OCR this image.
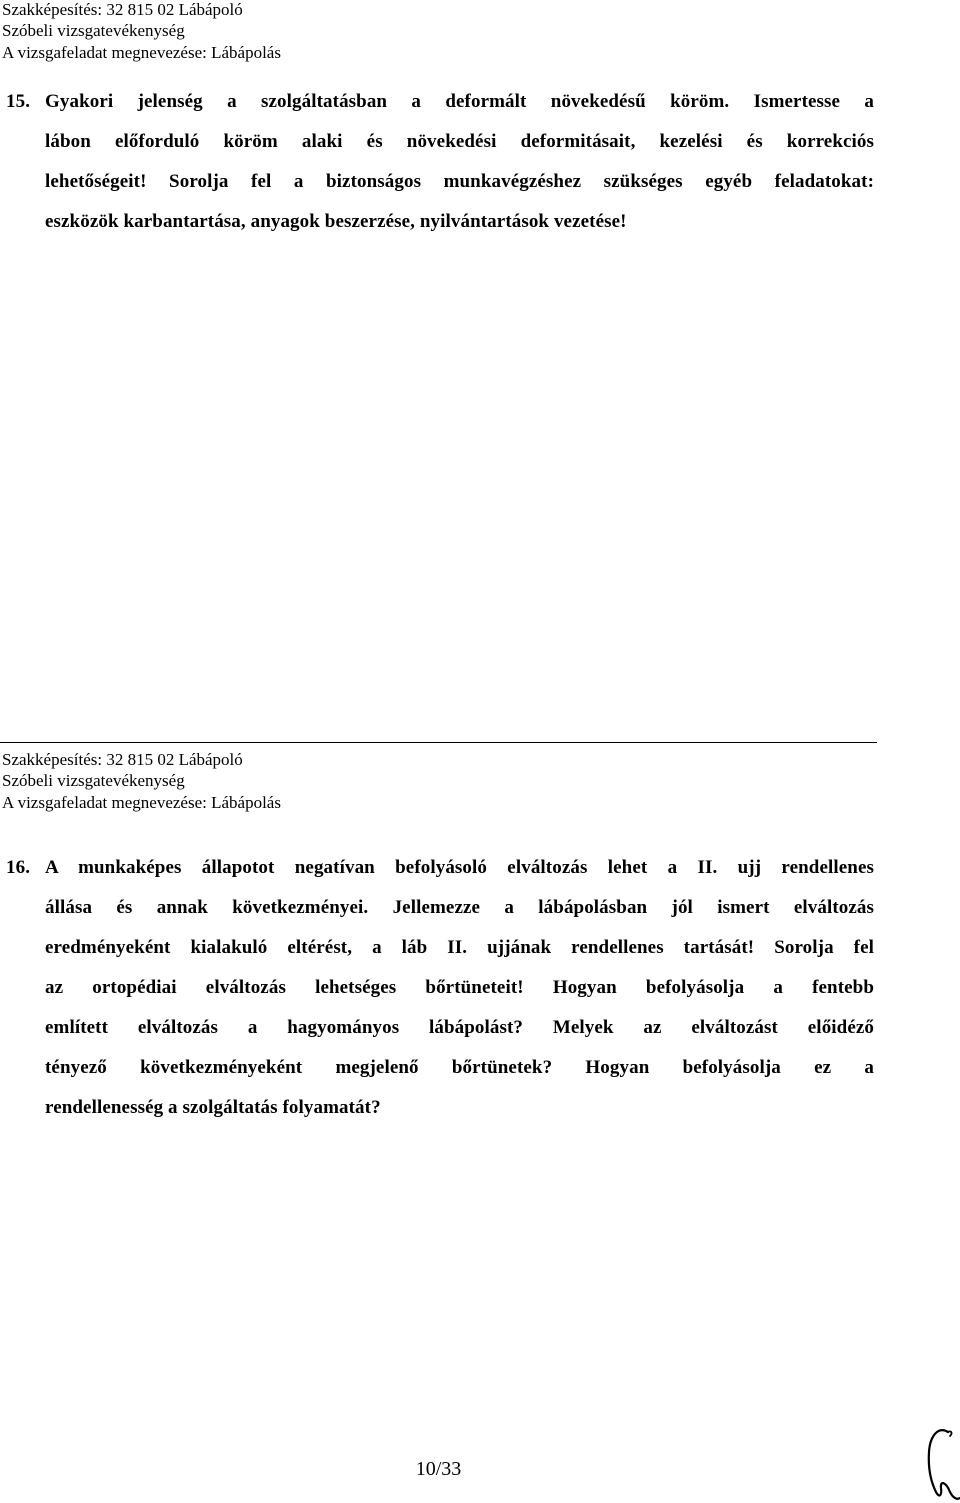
Szakképesítés: 32 815 02 Lábápoló
Szóbeli vizsgatevékenység
A vizsgafeladat megnevezése: Lábápolás
15. Gyakori jelenség a szolgáltatásban a deformált növekedésű köröm. Ismertesse a
lábon előforduló köröm alaki és növekedési deformitásait, kezelési és korrekciós
lehetőségeit! Sorolja fel a biztonságos munkavégzéshez szükséges egyéb feladatokat:
eszközök karbantartása, anyagok beszerzése, nyilvántartások vezetése!
Szakképesítés: 32 815 02 Lábápoló
Szóbeli vizsgatevékenység
A vizsgafeladat megnevezése: Lábápolás
16. A munkaképes állapotot negatívan befolyásoló elváltozás lehet a II. ujj rendellenes
állása és annak következményei. Jellemezze a lábápolásban jól ismert elváltozás
eredményeként kialakuló eltérést, a láb II. ujjának rendellenes tartását! Sorolja fel
az ortopédiai elváltozás lehetséges bőrtüneteit! Hogyan befolyásolja a fentebb
említett elváltozás a hagyományos lábápolást? Melyek az elváltozást előidéző
tényező következményeként megjelenő bőrtünetek? Hogyan befolyásolja ez a
rendellenesség a szolgáltatás folyamatát?
10/33
